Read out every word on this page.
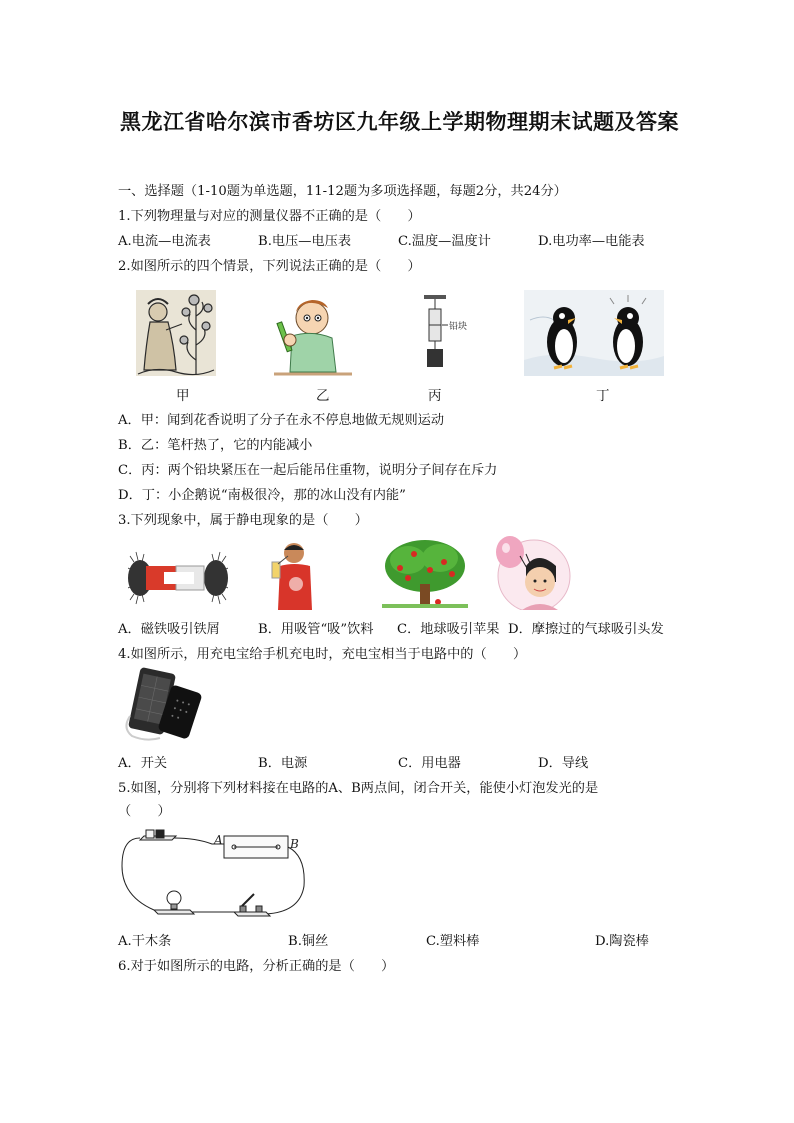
黑龙江省哈尔滨市香坊区九年级上学期物理期末试题及答案
一、选择题（1-10题为单选题，11-12题为多项选择题，每题2分，共24分）
1.下列物理量与对应的测量仪器不正确的是（　　）
A.电流—电流表	B.电压—电压表	C.温度—温度计	D.电功率—电能表
2.如图所示的四个情景，下列说法正确的是（　　）
铅块
甲	乙	丙	丁
A．甲：闻到花香说明了分子在永不停息地做无规则运动
B．乙：笔杆热了，它的内能减小
C．丙：两个铅块紧压在一起后能吊住重物，说明分子间存在斥力
D．丁：小企鹅说“南极很冷，那的冰山没有内能”
3.下列现象中，属于静电现象的是（　　）
A．磁铁吸引铁屑	B．用吸管“吸”饮料 C．地球吸引苹果 D．摩擦过的气球吸引头发
4.如图所示，用充电宝给手机充电时，充电宝相当于电路中的（　　）
A．开关	B．电源	C．用电器	D．导线
5.如图，分别将下列材料接在电路的A、B两点间，闭合开关，能使小灯泡发光的是
（　　）
A	B
A.干木条	B.铜丝	C.塑料棒	D.陶瓷棒
6.对于如图所示的电路，分析正确的是（　　）
